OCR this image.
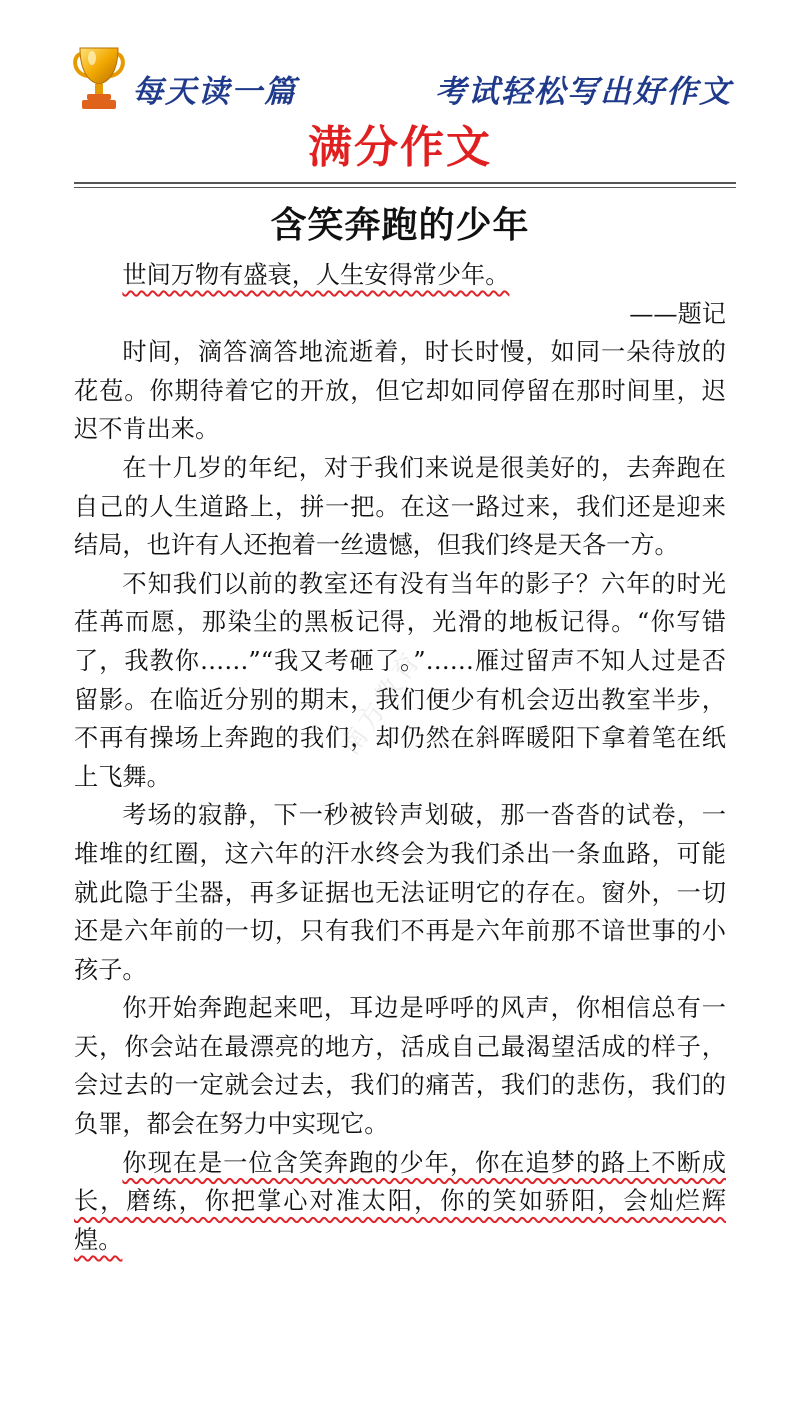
每天读一篇	考试轻松写出好作文
满分作文
含笑奔跑的少年

世间万物有盛衰，人生安得常少年。

——题记

时间，滴答滴答地流逝着，时长时慢，如同一朵待放的花苞。你期待着它的开放，但它却如同停留在那时间里，迟迟不肯出来。

在十几岁的年纪，对于我们来说是很美好的，去奔跑在自己的人生道路上，拼一把。在这一路过来，我们还是迎来结局，也许有人还抱着一丝遗憾，但我们终是天各一方。

不知我们以前的教室还有没有当年的影子？六年的时光荏苒而愿，那染尘的黑板记得，光滑的地板记得。“你写错了，我教你……”“我又考砸了。”……雁过留声不知人过是否留影。在临近分别的期末，我们便少有机会迈出教室半步，不再有操场上奔跑的我们，却仍然在斜晖暖阳下拿着笔在纸上飞舞。

考场的寂静，下一秒被铃声划破，那一沓沓的试卷，一堆堆的红圈，这六年的汗水终会为我们杀出一条血路，可能就此隐于尘器，再多证据也无法证明它的存在。窗外，一切还是六年前的一切，只有我们不再是六年前那不谙世事的小孩子。

你开始奔跑起来吧，耳边是呼呼的风声，你相信总有一天，你会站在最漂亮的地方，活成自己最渴望活成的样子，会过去的一定就会过去，我们的痛苦，我们的悲伤，我们的负罪，都会在努力中实现它。

你现在是一位含笑奔跑的少年，你在追梦的路上不断成长，磨练，你把掌心对准太阳，你的笑如骄阳，会灿烂辉煌。

南方教育
